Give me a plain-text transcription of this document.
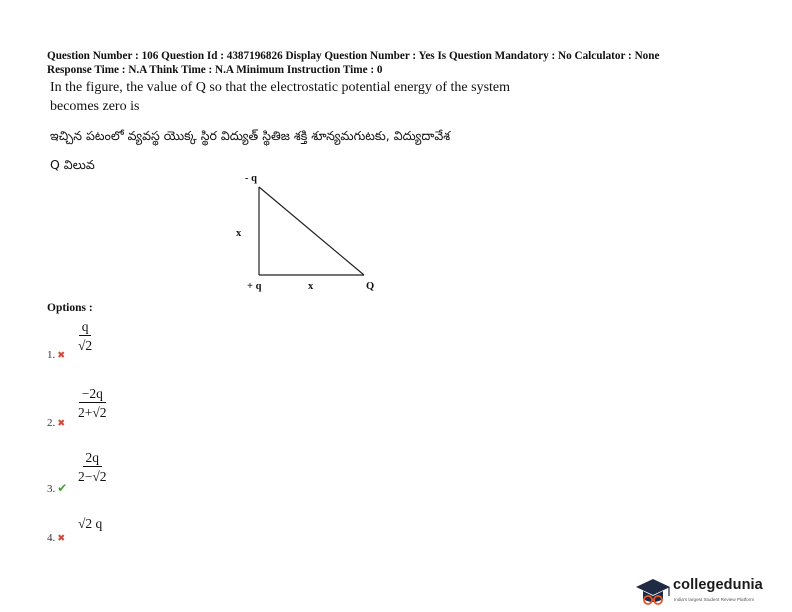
Question Number : 106 Question Id : 4387196826 Display Question Number : Yes Is Question Mandatory : No Calculator : None
Response Time : N.A Think Time : N.A Minimum Instruction Time : 0
In the figure, the value of Q so that the electrostatic potential energy of the system
becomes zero is
ఇచ్చిన పటంలో వ్యవస్థ యొక్క స్థిర విద్యుత్ స్థితిజ శక్తి శూన్యమగుటకు, విద్యుదావేశ
Q విలువ
- q
x
+ q	x	Q
Options :
1. ✖
$\frac{q}{√2}$
2. ✖
$\frac{-2q}{2+√2}$
3. ✔
$\frac{2q}{2-√2}$
4. ✖
√2 q
collegedunia
India's largest Student Review Platform
